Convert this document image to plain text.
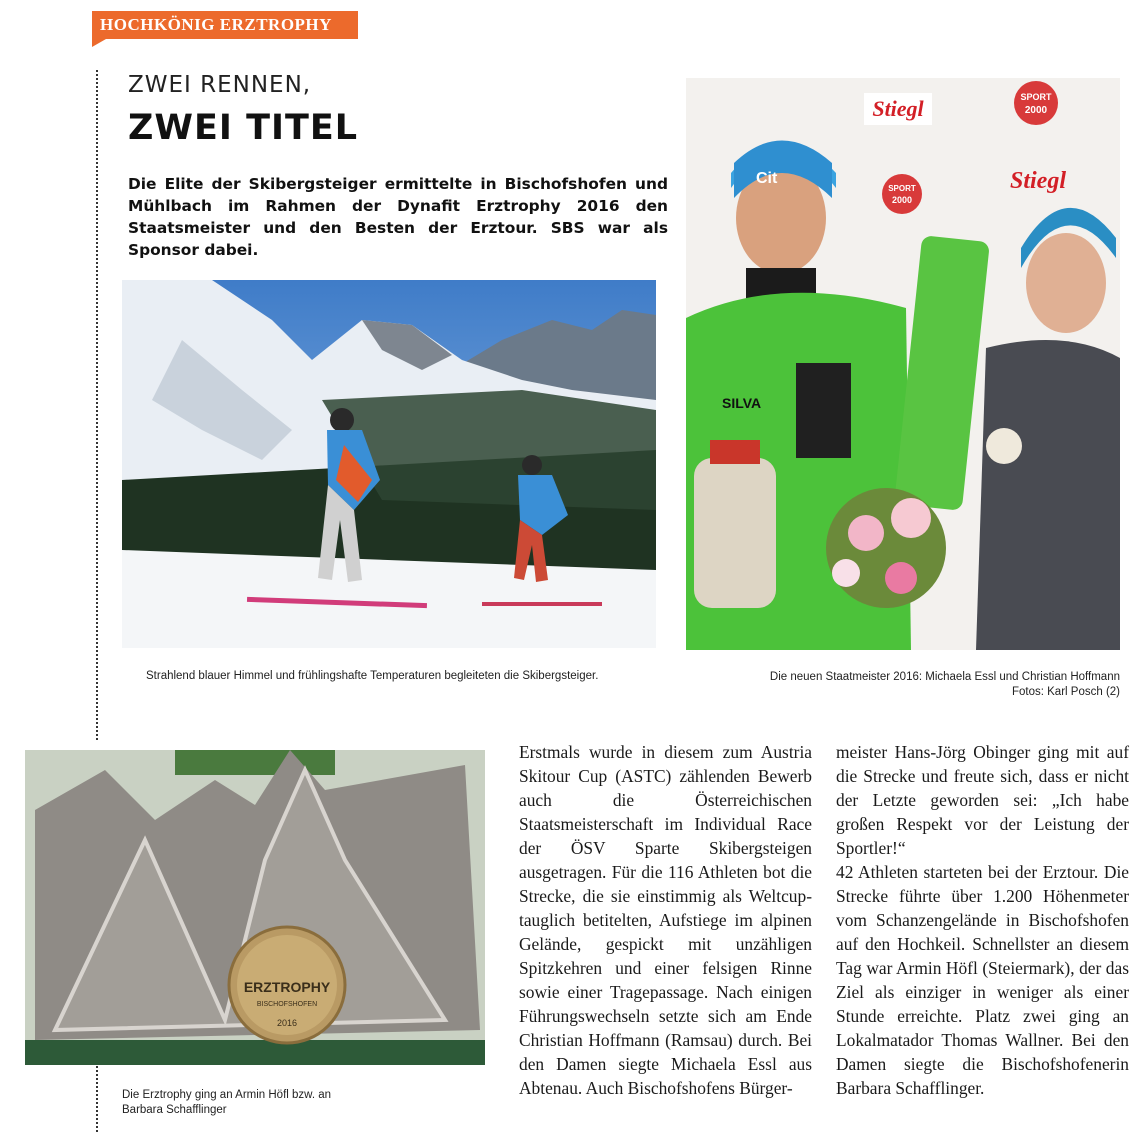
HOCHKÖNIG ERZTROPHY
ZWEI RENNEN,
ZWEI TITEL
Die Elite der Skibergsteiger ermittelte in Bischofshofen und Mühlbach im Rahmen der Dynafit Erztrophy 2016 den Staatsmeister und den Besten der Erztour. SBS war als Sponsor dabei.
Strahlend blauer Himmel und frühlingshafte Temperaturen begleiteten die Skibergsteiger.
Stiegl
Stiegl
SPORT
2000
SPORT
2000
Cit
SILVA
Die neuen Staatmeister 2016: Michaela Essl und Christian Hoffmann
Fotos: Karl Posch (2)
ERZTROPHY
BISCHOFSHOFEN
2016
Die Erztrophy ging an Armin Höfl bzw. an
Barbara Schafflinger

Erstmals wurde in diesem zum Austria Skitour Cup (ASTC) zählenden Bewerb auch die Österreichischen Staatsmeisterschaft im Individual Race der ÖSV Sparte Skibergsteigen ausgetragen. Für die 116 Athleten bot die Strecke, die sie einstimmig als Weltcup-tauglich betitelten, Aufstiege im alpinen Gelände, gespickt mit unzähligen Spitzkehren und einer felsigen Rinne sowie einer Tragepassage. Nach einigen Führungswechseln setzte sich am Ende Christian Hoffmann (Ramsau) durch. Bei den Damen siegte Michaela Essl aus Abtenau. Auch Bischofshofens Bürger-

meister Hans-Jörg Obinger ging mit auf die Strecke und freute sich, dass er nicht der Letzte geworden sei: „Ich habe großen Respekt vor der Leistung der Sportler!“

42 Athleten starteten bei der Erztour. Die Strecke führte über 1.200 Höhenmeter vom Schanzengelände in Bischofshofen auf den Hochkeil. Schnellster an diesem Tag war Armin Höfl (Steiermark), der das Ziel als einziger in weniger als einer Stunde erreichte. Platz zwei ging an Lokalmatador Thomas Wallner. Bei den Damen siegte die Bischofshofenerin Barbara Schafflinger.
